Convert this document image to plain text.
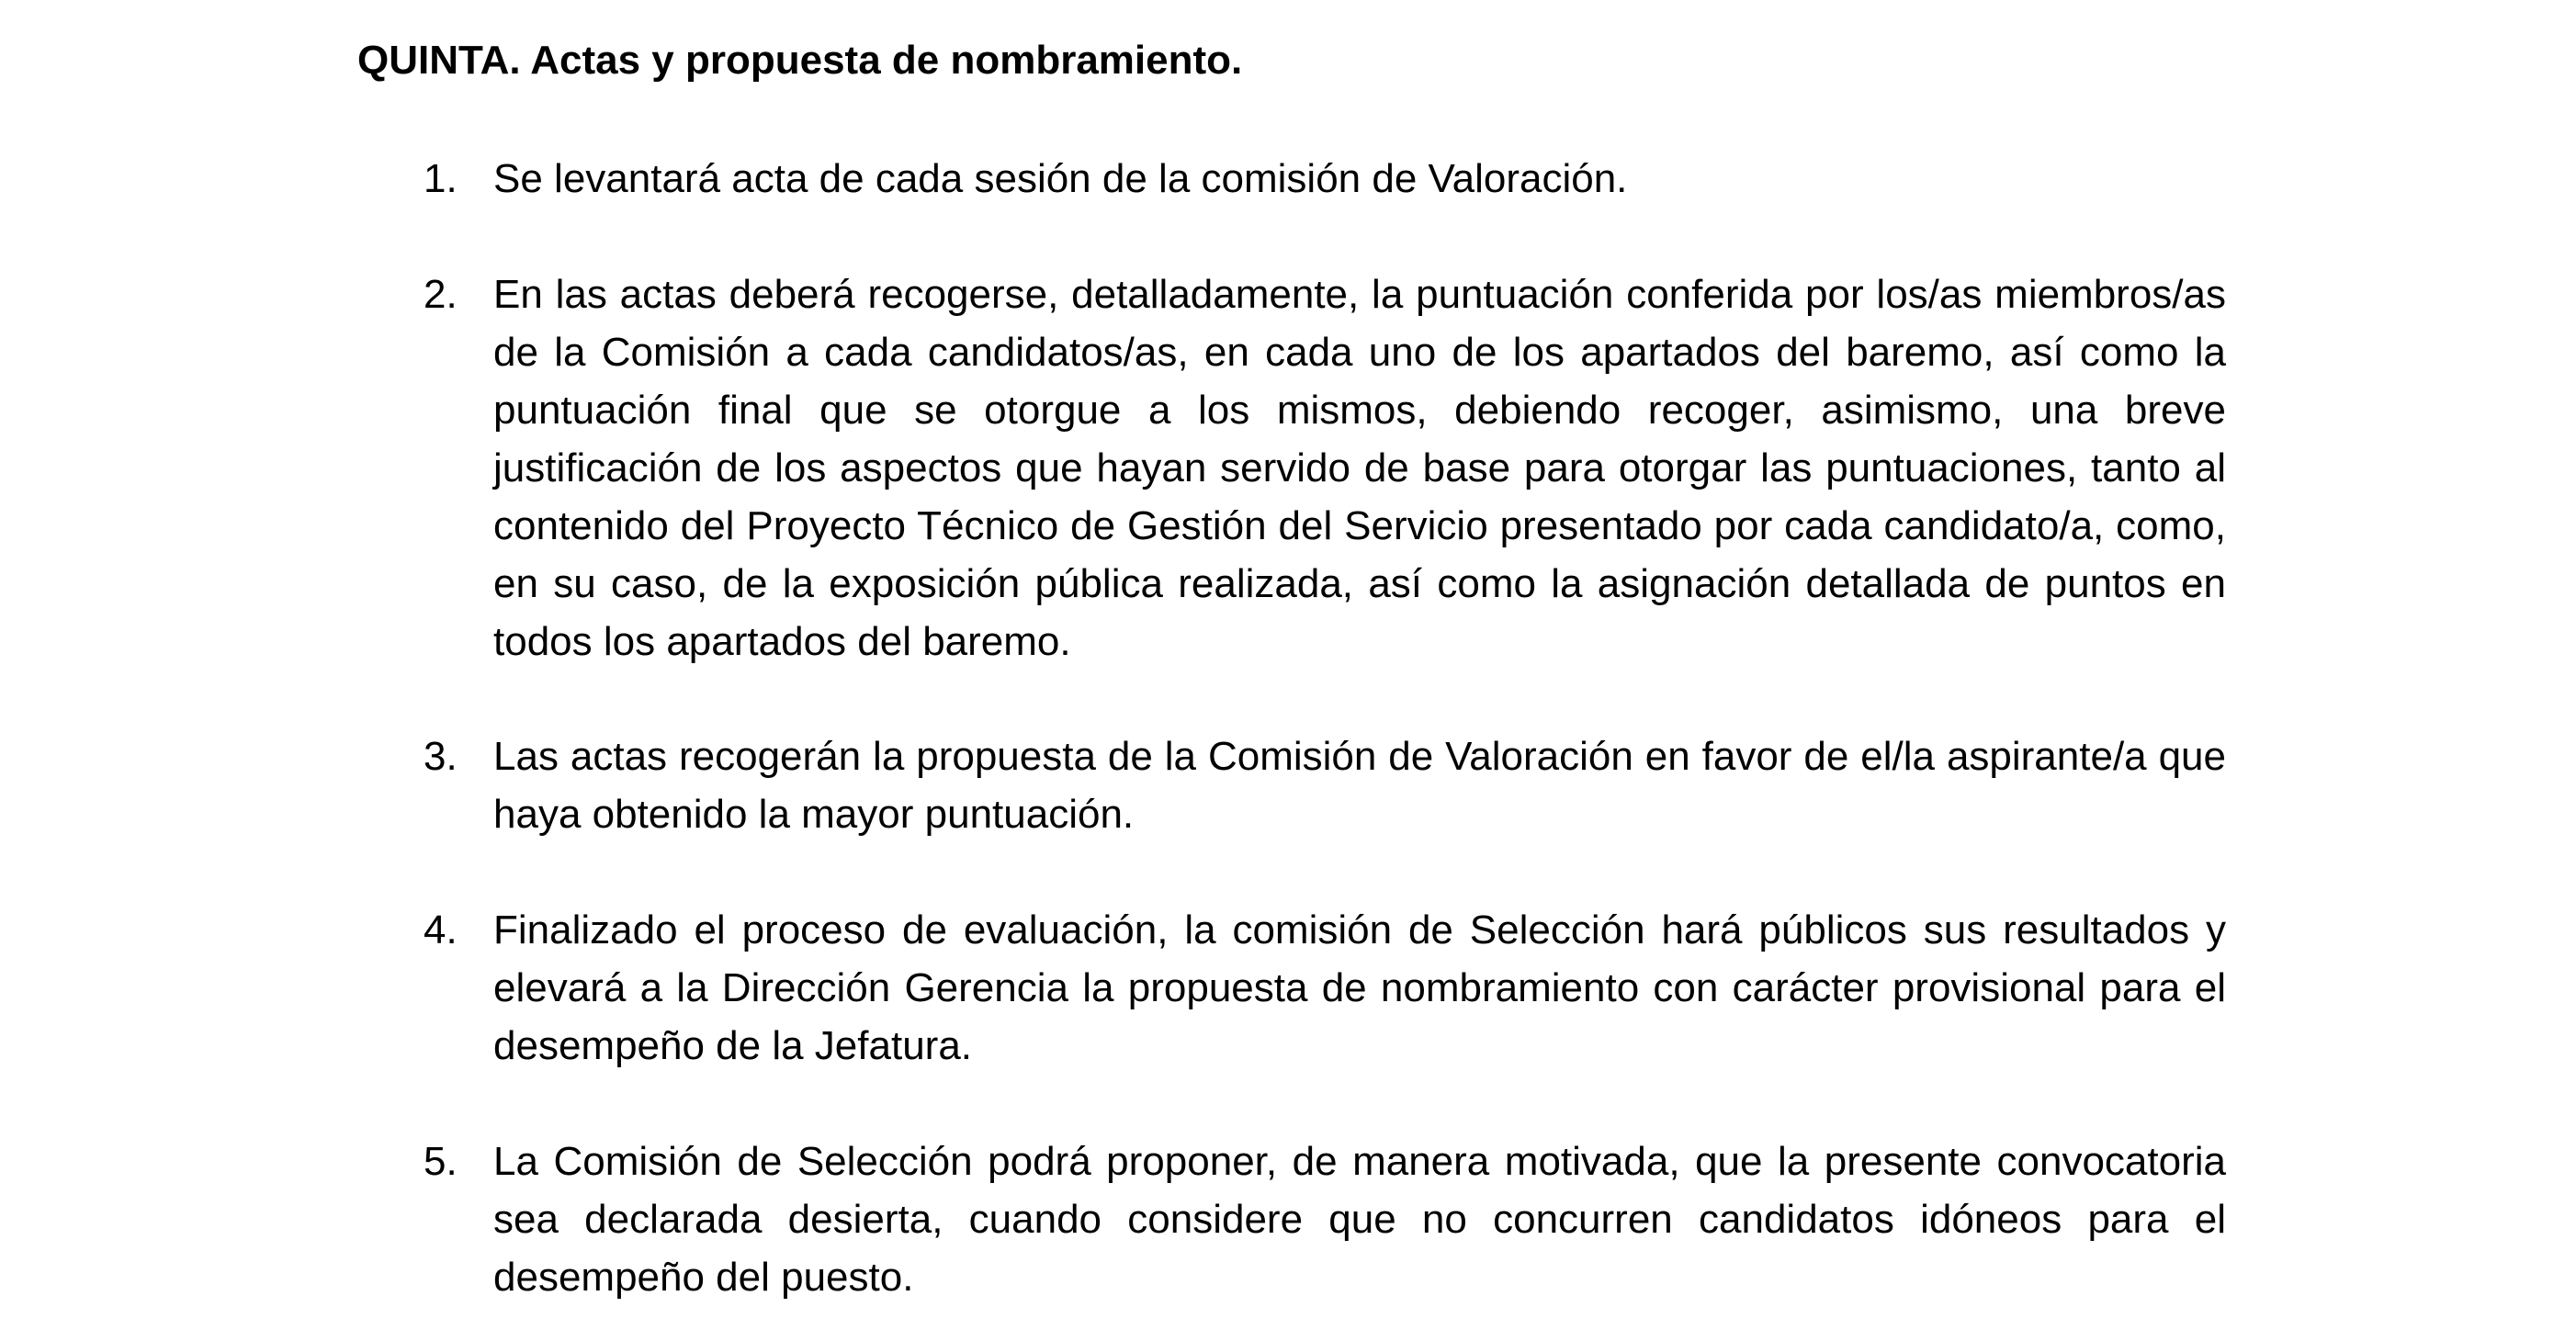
QUINTA. Actas y propuesta de nombramiento.
1. Se levantará acta de cada sesión de la comisión de Valoración.

2. En las actas deberá recogerse, detalladamente, la puntuación conferida por los/as miembros/as de la Comisión a cada candidatos/as, en cada uno de los apartados del baremo, así como la puntuación final que se otorgue a los mismos, debiendo recoger, asimismo, una breve justificación de los aspectos que hayan servido de base para otorgar las puntuaciones, tanto al contenido del Proyecto Técnico de Gestión del Servicio presentado por cada candidato/a, como, en su caso, de la exposición pública realizada, así como la asignación detallada de puntos en todos los apartados del baremo.

3. Las actas recogerán la propuesta de la Comisión de Valoración en favor de el/la aspirante/a que haya obtenido la mayor puntuación.

4. Finalizado el proceso de evaluación, la comisión de Selección hará públicos sus resultados y elevará a la Dirección Gerencia la propuesta de nombramiento con carácter provisional para el desempeño de la Jefatura.

5. La Comisión de Selección podrá proponer, de manera motivada, que la presente convocatoria sea declarada desierta, cuando considere que no concurren candidatos idóneos para el desempeño del puesto.
